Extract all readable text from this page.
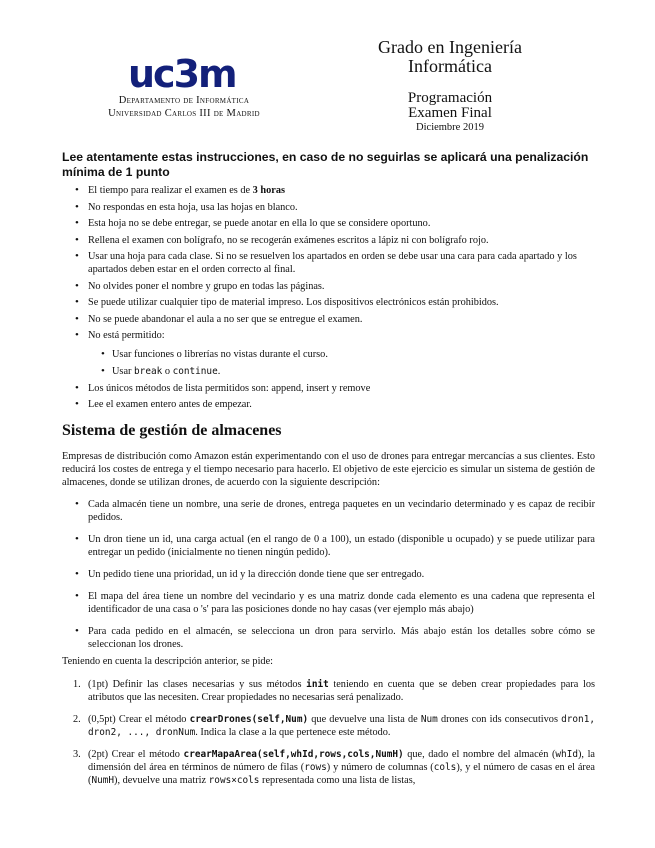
uc3m
Departamento de Informática
Universidad Carlos III de Madrid
Grado en Ingeniería
Informática
Programación
Examen Final
Diciembre 2019
Lee atentamente estas instrucciones, en caso de no seguirlas se aplicará una penalización mínima de 1 punto
• El tiempo para realizar el examen es de 3 horas
• No respondas en esta hoja, usa las hojas en blanco.
• Esta hoja no se debe entregar, se puede anotar en ella lo que se considere oportuno.
• Rellena el examen con bolígrafo, no se recogerán exámenes escritos a lápiz ni con bolígrafo rojo.
• Usar una hoja para cada clase. Si no se resuelven los apartados en orden se debe usar una cara para cada apartado y los apartados deben estar en el orden correcto al final.
• No olvides poner el nombre y grupo en todas las páginas.
• Se puede utilizar cualquier tipo de material impreso. Los dispositivos electrónicos están prohibidos.
• No se puede abandonar el aula a no ser que se entregue el examen.
• No está permitido:
• Usar funciones o librerías no vistas durante el curso.
• Usar break o continue.
• Los únicos métodos de lista permitidos son: append, insert y remove
• Lee el examen entero antes de empezar.
Sistema de gestión de almacenes
Empresas de distribución como Amazon están experimentando con el uso de drones para entregar mercancías a sus clientes. Esto reducirá los costes de entrega y el tiempo necesario para hacerlo. El objetivo de este ejercicio es simular un sistema de gestión de almacenes, donde se utilizan drones, de acuerdo con la siguiente descripción:
• Cada almacén tiene un nombre, una serie de drones, entrega paquetes en un vecindario determinado y es capaz de recibir pedidos.
• Un dron tiene un id, una carga actual (en el rango de 0 a 100), un estado (disponible u ocupado) y se puede utilizar para entregar un pedido (inicialmente no tienen ningún pedido).
• Un pedido tiene una prioridad, un id y la dirección donde tiene que ser entregado.
• El mapa del área tiene un nombre del vecindario y es una matriz donde cada elemento es una cadena que representa el identificador de una casa o 's' para las posiciones donde no hay casas (ver ejemplo más abajo)
• Para cada pedido en el almacén, se selecciona un dron para servirlo. Más abajo están los detalles sobre cómo se seleccionan los drones.
Teniendo en cuenta la descripción anterior, se pide:
1. (1pt) Definir las clases necesarias y sus métodos init teniendo en cuenta que se deben crear propiedades para los atributos que las necesiten. Crear propiedades no necesarias será penalizado.
2. (0,5pt) Crear el método crearDrones(self,Num) que devuelve una lista de Num drones con ids consecutivos dron1, dron2, ..., dronNum. Indica la clase a la que pertenece este método.
3. (2pt) Crear el método crearMapaArea(self,whId,rows,cols,NumH) que, dado el nombre del almacén (whId), la dimensión del área en términos de número de filas (rows) y número de columnas (cols), y el número de casas en el área (NumH), devuelve una matriz rows×cols representada como una lista de listas,
